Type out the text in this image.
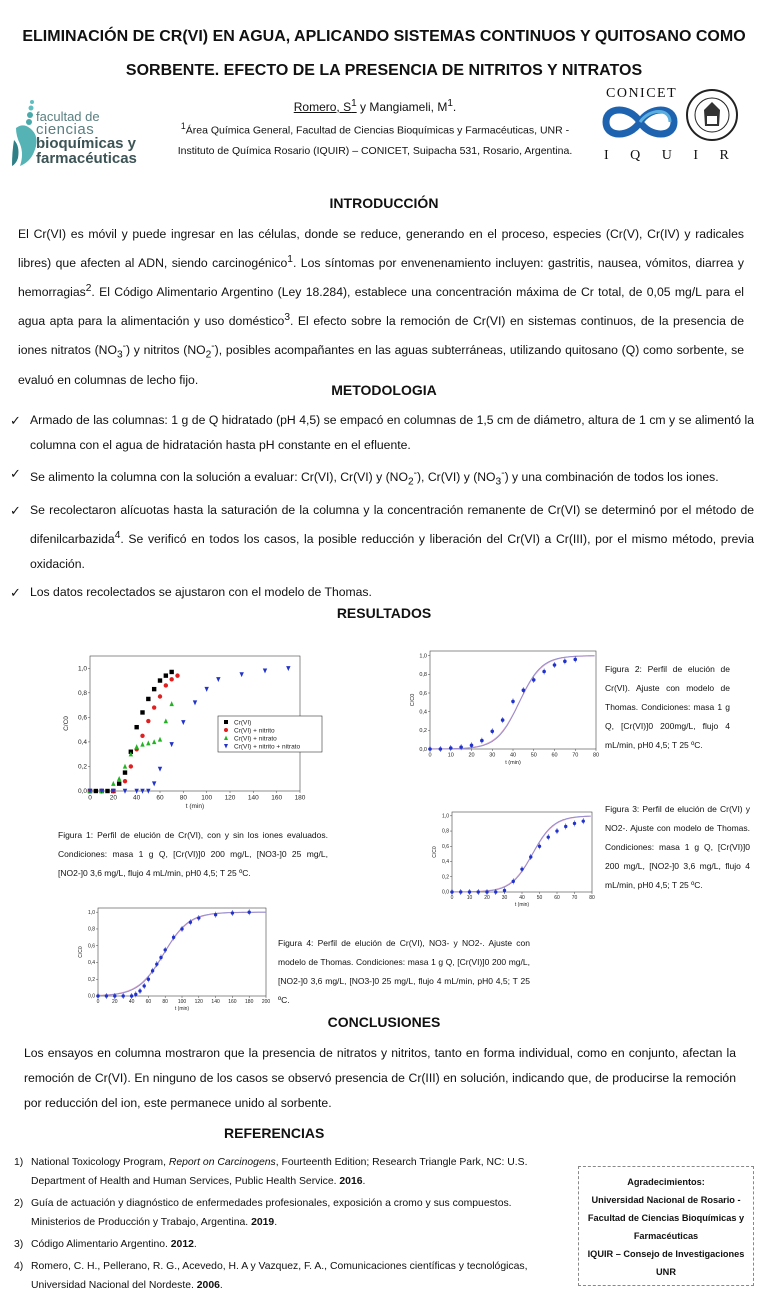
ELIMINACIÓN DE CR(VI) EN AGUA, APLICANDO SISTEMAS CONTINUOS Y QUITOSANO COMO
SORBENTE. EFECTO DE LA PRESENCIA DE NITRITOS Y NITRATOS
facultad de
ciencias
bioquímicas y
farmacéuticas
Romero, $S^1$ y Mangiameli, $M^1$.
$^1$Área Química General, Facultad de Ciencias Bioquímicas y Farmacéuticas, UNR -
Instituto de Química Rosario (IQUIR) – CONICET, Suipacha 531, Rosario, Argentina.
CONICET
I Q U I R
INTRODUCCIÓN
El Cr(VI) es móvil y puede ingresar en las células, donde se reduce, generando en el proceso, especies (Cr(V), Cr(IV) y radicales libres) que afecten al ADN, siendo carcinogénico$^1$. Los síntomas por envenenamiento incluyen: gastritis, nausea, vómitos, diarrea y hemorragias$^2$. El Código Alimentario Argentino (Ley 18.284), establece una concentración máxima de Cr total, de 0,05 mg/L para el agua apta para la alimentación y uso doméstico$^3$. El efecto sobre la remoción de Cr(VI) en sistemas continuos, de la presencia de iones nitratos $(NO_3^-)$ y nitritos $(NO_2^-)$, posibles acompañantes en las aguas subterráneas, utilizando quitosano (Q) como sorbente, se evaluó en columnas de lecho fijo.
METODOLOGIA
✓ Armado de las columnas: 1 g de Q hidratado (pH 4,5) se empacó en columnas de 1,5 cm de diámetro, altura de 1 cm y se alimentó la columna con el agua de hidratación hasta pH constante en el efluente.
✓ Se alimento la columna con la solución a evaluar: Cr(VI), Cr(VI) y $(NO_2^-)$, Cr(VI) y $(NO_3^-)$ y una combinación de todos los iones.
✓ Se recolectaron alícuotas hasta la saturación de la columna y la concentración remanente de Cr(VI) se determinó por el método de difenilcarbazida$^4$. Se verificó en todos los casos, la posible reducción y liberación del Cr(VI) a Cr(III), por el mismo método, previa oxidación.
✓ Los datos recolectados se ajustaron con el modelo de Thomas.
RESULTADOS
0	20 40 60 80 100 120 140 160 180
0,0
0,2
0,4
0,6
0,8
1,0
t (min)
C/C0	Cr(VI)
Cr(VI) + nitrito
Cr(VI) + nitrato
Cr(VI) + nitrito + nitrato
0	10	20	30	40	50	60	70	80
0,0
0,2
0,4
0,6
0,8
1,0
t (min)
C/C0
0	10 20 30 40 50 60 70 80
0,0
0,2
0,4
0,6
0,8
1,0
t (min)
C/C0
0	20 40 60 80 100 120 140 160 180 200
0,0
0,2
0,4
0,6
0,8
1,0
t (min)
C/C0
Figura 1: Perfil de elución de Cr(VI), con y sin los iones evaluados. Condiciones: masa 1 g Q, [Cr(VI)]0 200 mg/L, [NO3-]0 25 mg/L, [NO2-]0 3,6 mg/L, flujo 4 mL/min, pH0 4,5; T 25 ºC.
Figura 2: Perfil de elución de Cr(VI). Ajuste con modelo de Thomas. Condiciones: masa 1 g Q, [Cr(VI)]0 200mg/L, flujo 4 mL/min, pH0 4,5; T 25 ºC.
Figura 3: Perfil de elución de Cr(VI) y NO2-. Ajuste con modelo de Thomas. Condiciones: masa 1 g Q, [Cr(VI)]0 200 mg/L, [NO2-]0 3,6 mg/L, flujo 4 mL/min, pH0 4,5; T 25 ºC.
Figura 4: Perfil de elución de Cr(VI), NO3- y NO2-. Ajuste con modelo de Thomas. Condiciones: masa 1 g Q, [Cr(VI)]0 200 mg/L, [NO2-]0 3,6 mg/L, [NO3-]0 25 mg/L, flujo 4 mL/min, pH0 4,5; T 25 ºC.
CONCLUSIONES
Los ensayos en columna mostraron que la presencia de nitratos y nitritos, tanto en forma individual, como en conjunto, afectan la remoción de Cr(VI). En ninguno de los casos se observó presencia de Cr(III) en solución, indicando que, de producirse la remoción por reducción del ion, este permanece unido al sorbente.
REFERENCIAS
1) National Toxicology Program, Report on Carcinogens, Fourteenth Edition; Research Triangle Park, NC: U.S. Department of Health and Human Services, Public Health Service. 2016.
2) Guía de actuación y diagnóstico de enfermedades profesionales, exposición a cromo y sus compuestos. Ministerios de Producción y Trabajo, Argentina. 2019.
3) Código Alimentario Argentino. 2012.
4) Romero, C. H., Pellerano, R. G., Acevedo, H. A y Vazquez, F. A., Comunicaciones científicas y tecnológicas, Universidad Nacional del Nordeste. 2006.
Agradecimientos:
Universidad Nacional de Rosario -
Facultad de Ciencias Bioquímicas y
Farmacéuticas
IQUIR – Consejo de Investigaciones
UNR
